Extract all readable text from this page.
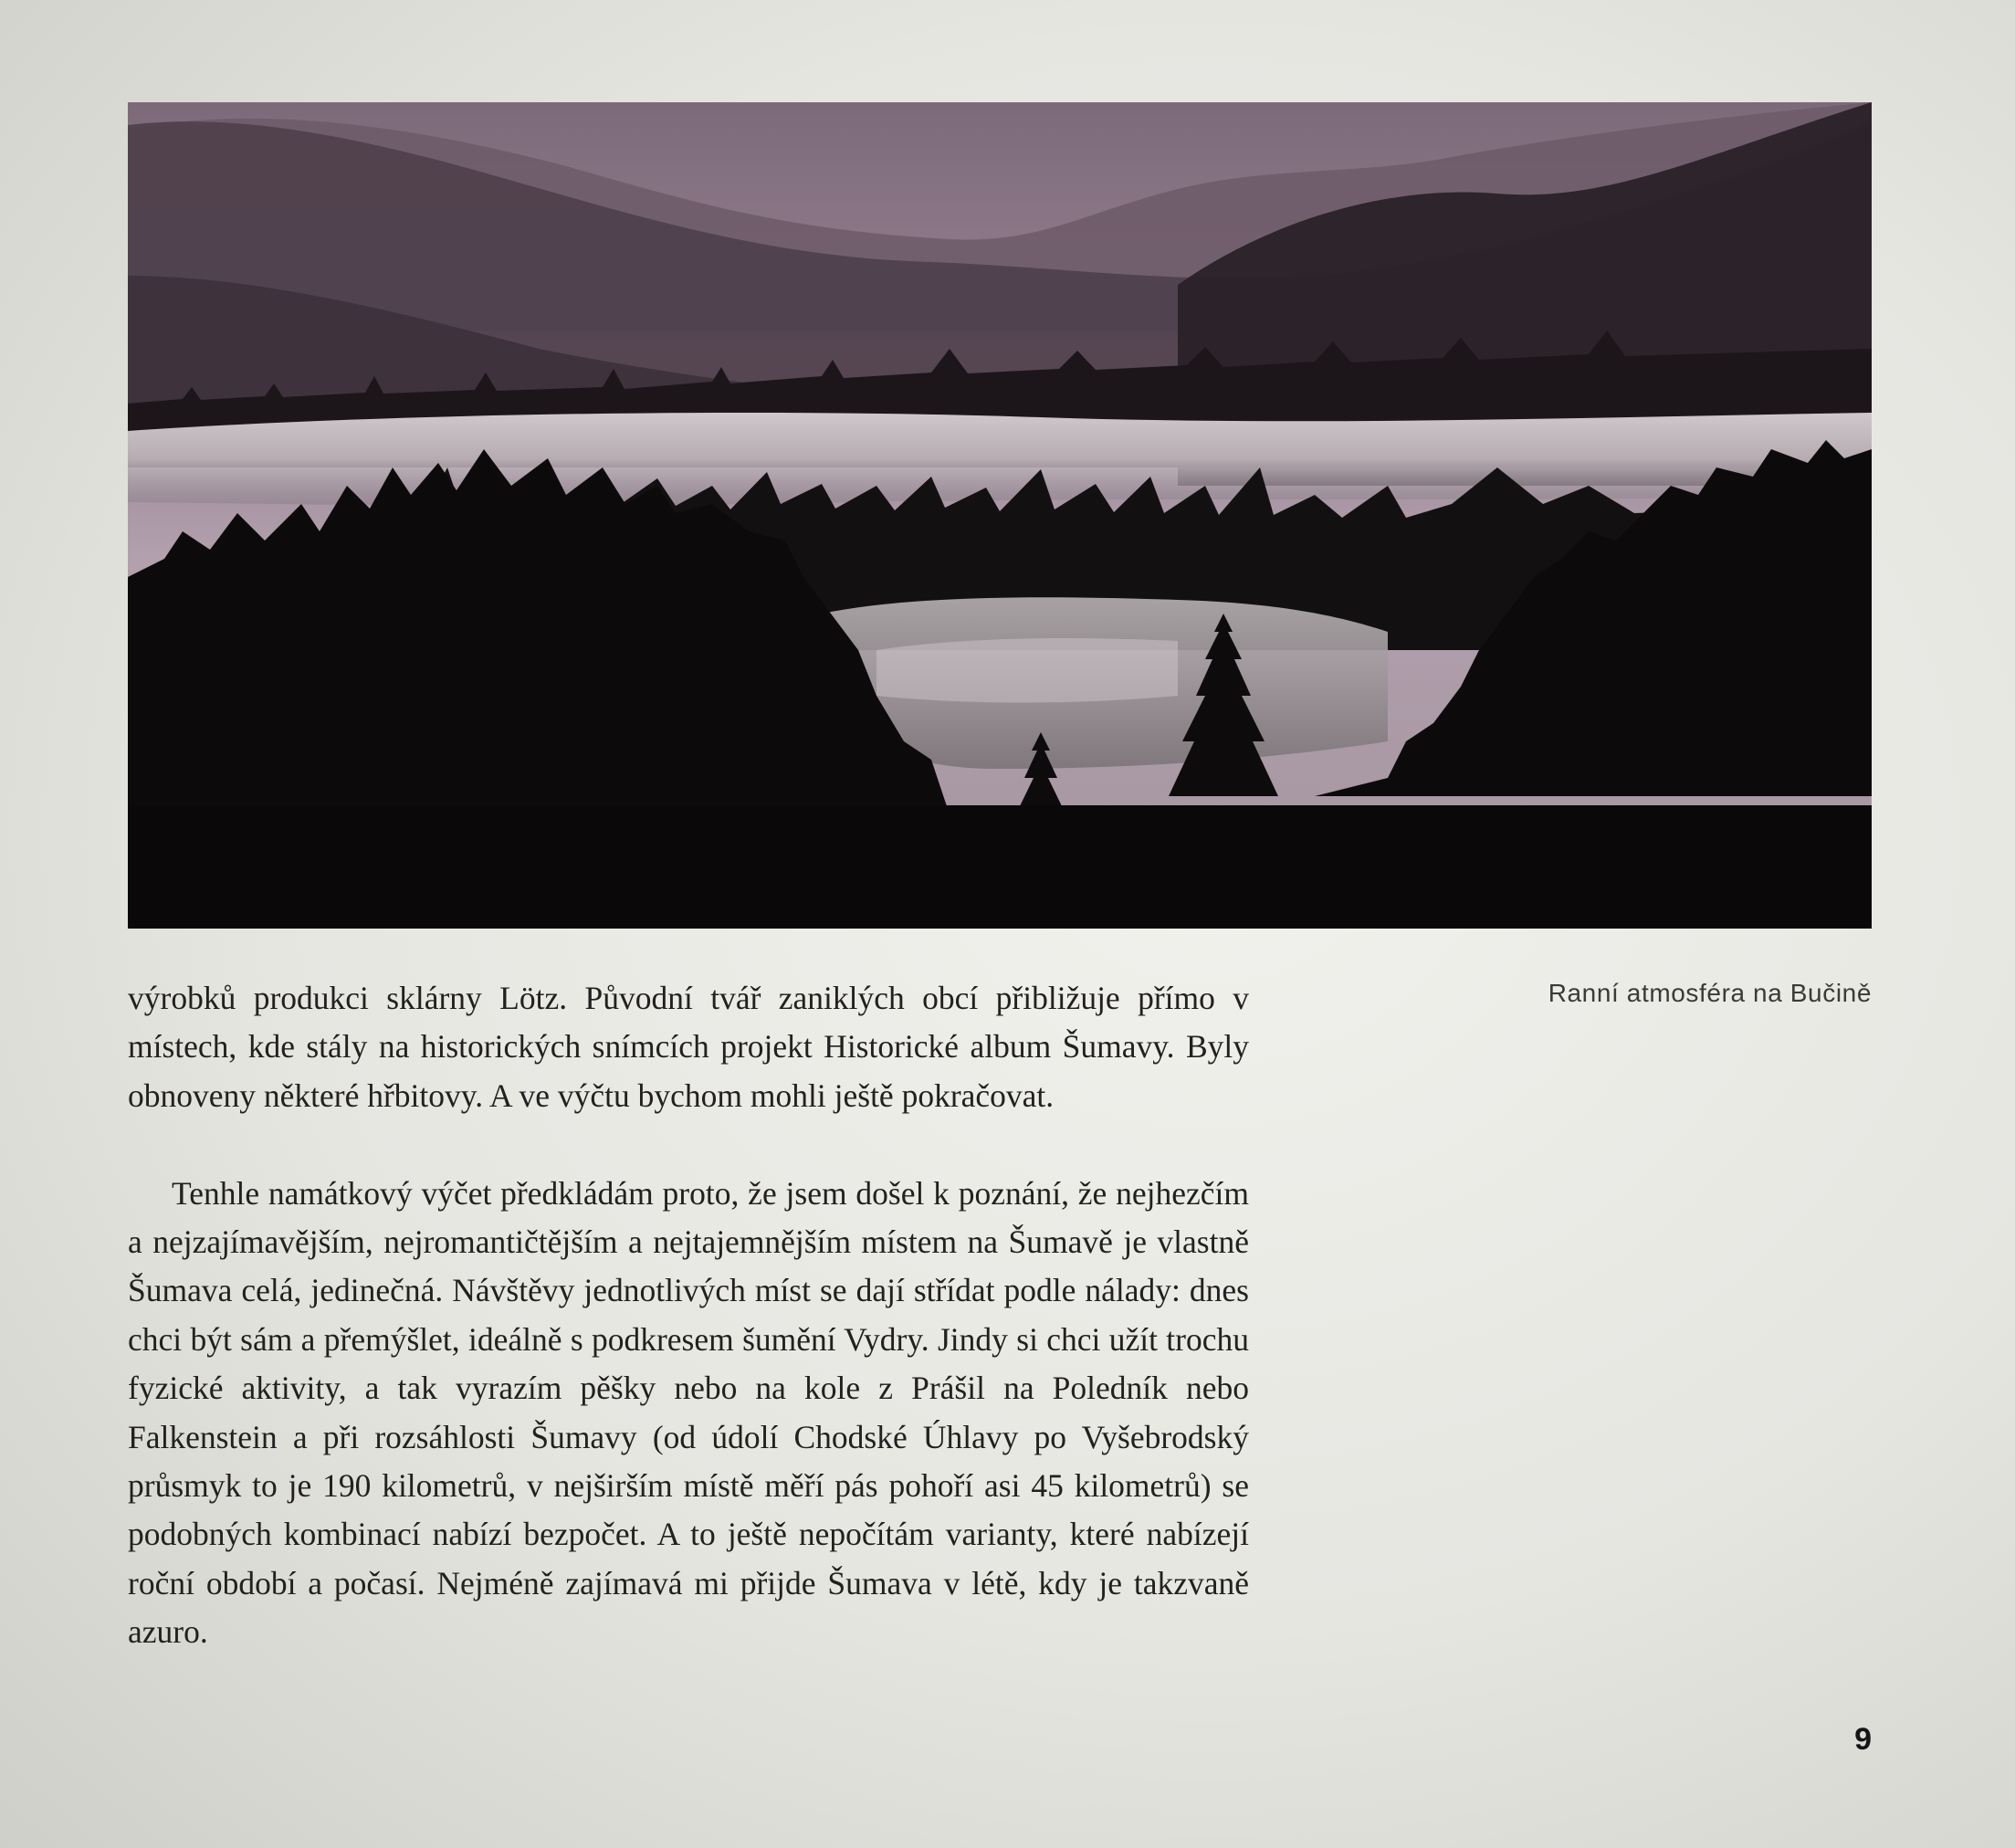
výrobků produkci sklárny Lötz. Původní tvář zaniklých obcí přibližuje přímo v místech, kde stály na historických snímcích projekt Historické album Šumavy. Byly obnoveny některé hřbitovy. A ve výčtu bychom mohli ještě pokračovat.

Tenhle namátkový výčet předkládám proto, že jsem došel k poznání, že nejhezčím a nejzajímavějším, nejromantičtějším a nejtajemnějším místem na Šumavě je vlastně Šumava celá, jedinečná. Návštěvy jednotlivých míst se dají střídat podle nálady: dnes chci být sám a přemýšlet, ideálně s podkresem šumění Vydry. Jindy si chci užít trochu fyzické aktivity, a tak vyrazím pěšky nebo na kole z Prášil na Poledník nebo Falkenstein a při rozsáhlosti Šumavy (od údolí Chodské Úhlavy po Vyšebrodský průsmyk to je 190 kilometrů, v nejširším místě měří pás pohoří asi 45 kilometrů) se podobných kombinací nabízí bezpočet. A to ještě nepočítám varianty, které nabízejí roční období a počasí. Nejméně zajímavá mi přijde Šumava v létě, kdy je takzvaně azuro.

Ranní atmosféra na Bučině
9
